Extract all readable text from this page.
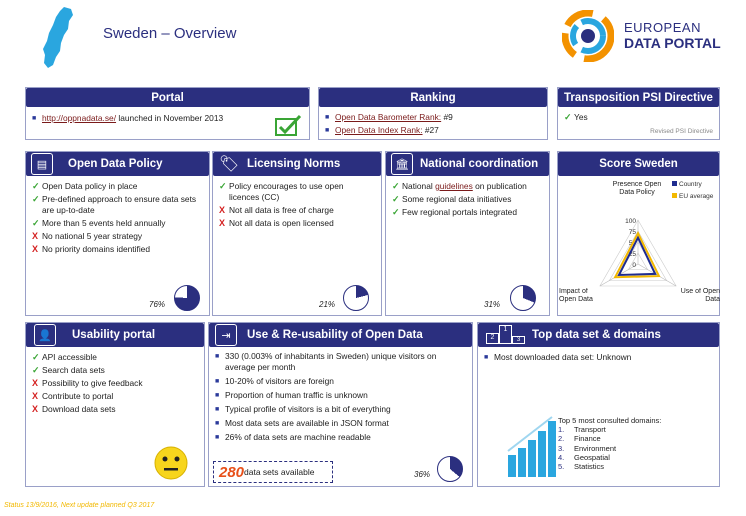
Sweden – Overview	EUROPEAN
DATA PORTAL
Portal
■ http://oppnadata.se/ launched in November 2013
Ranking
■ Open Data Barometer Rank: #9
■ Open Data Index Rank: #27
Transposition PSI Directive
✓ Yes
Revised PSI Directive
Open Data Policy
▤
✓ Open Data policy in place
✓ Pre-defined approach to ensure data sets are up-to-date
✓ More than 5 events held annually
X No national 5 year strategy
X No priority domains identified
76%
Licensing Norms
🏷
✓ Policy encourages to use open licences (CC)
X Not all data is free of charge
X Not all data is open licensed
21%
National coordination
🏛
✓ National guidelines on publication
✓ Some regional data initiatives
✓ Few regional portals integrated
31%
Score Sweden
100
75
50
25
0
Presence Open Data Policy
Impact of Open Data
Use of Open Data
Country
EU average
Usability portal
👤
✓ API accessible
✓ Search data sets
X Possibility to give feedback
X Contribute to portal
X Download data sets
Use & Re-usability of Open Data
⇥
■ 330 (0.003% of inhabitants in Sweden) unique visitors on average per month
■ 10-20% of visitors are foreign
■ Proportion of human traffic is unknown
■ Typical profile of visitors is a bit of everything
■ Most data sets are available in JSON format
■ 26% of data sets are machine readable
280 data sets available	36%
Top data set & domains
2
1
3
■ Most downloaded data set: Unknown
Top 5 most consulted domains:
1.	Transport
2.	Finance
3.	Environment
4.	Geospatial
5.	Statistics
Status 13/9/2016, Next update planned Q3 2017
